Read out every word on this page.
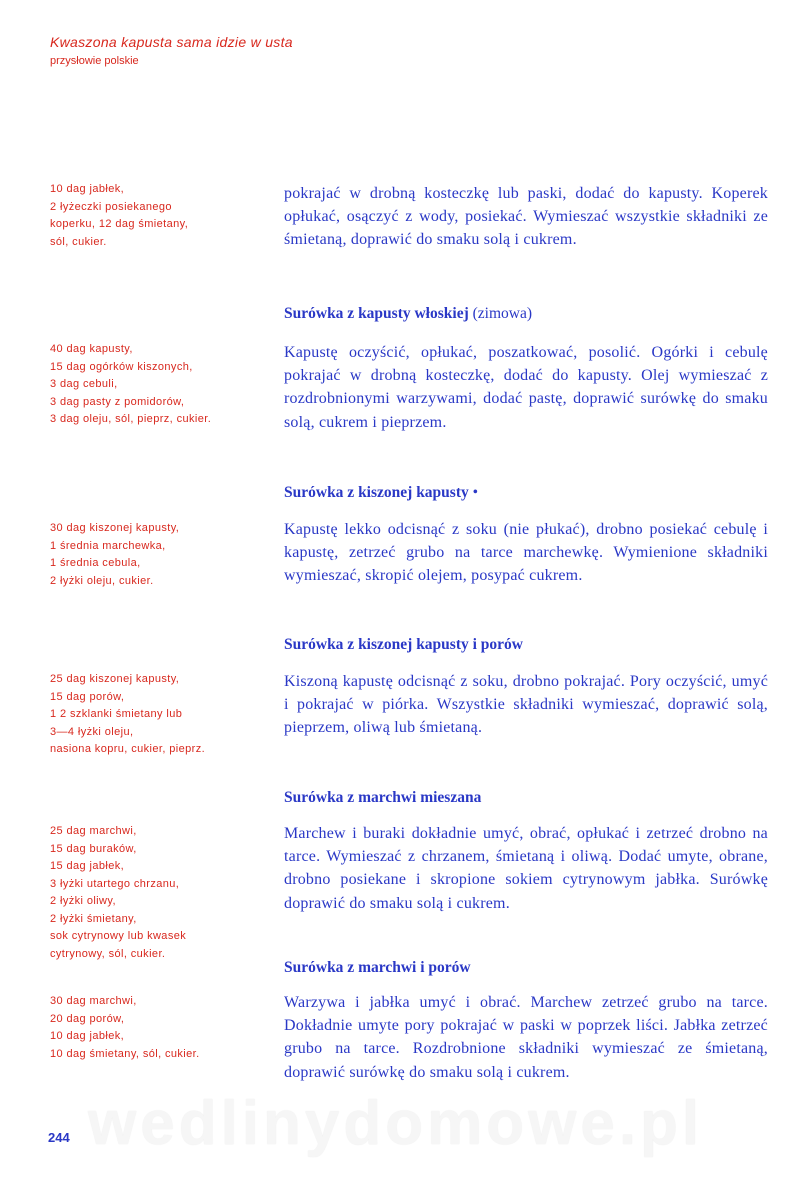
Kwaszona kapusta sama idzie w usta
przysłowie polskie
10 dag jabłek,
2 łyżeczki posiekanego
koperku, 12 dag śmietany,
sól, cukier.
pokrajać w drobną kosteczkę lub paski, dodać do kapusty. Koperek opłukać, osączyć z wody, posiekać. Wymieszać wszystkie składniki ze śmietaną, doprawić do smaku solą i cukrem.
Surówka z kapusty włoskiej (zimowa)
40 dag kapusty,
15 dag ogórków kiszonych,
3 dag cebuli,
3 dag pasty z pomidorów,
3 dag oleju, sól, pieprz, cukier.
Kapustę oczyścić, opłukać, poszatkować, posolić. Ogórki i cebulę pokrajać w drobną kosteczkę, dodać do kapusty. Olej wymieszać z rozdrobnionymi warzywami, dodać pastę, doprawić surówkę do smaku solą, cukrem i pieprzem.
Surówka z kiszonej kapusty •
30 dag kiszonej kapusty,
1 średnia marchewka,
1 średnia cebula,
2 łyżki oleju, cukier.
Kapustę lekko odcisnąć z soku (nie płukać), drobno posiekać cebulę i kapustę, zetrzeć grubo na tarce marchewkę. Wymienione składniki wymieszać, skropić olejem, posypać cukrem.
Surówka z kiszonej kapusty i porów
25 dag kiszonej kapusty,
15 dag porów,
1 2 szklanki śmietany lub
3—4 łyżki oleju,
nasiona kopru, cukier, pieprz.
Kiszoną kapustę odcisnąć z soku, drobno pokrajać. Pory oczyścić, umyć i pokrajać w piórka. Wszystkie składniki wymieszać, doprawić solą, pieprzem, oliwą lub śmietaną.
Surówka z marchwi mieszana
25 dag marchwi,
15 dag buraków,
15 dag jabłek,
3 łyżki utartego chrzanu,
2 łyżki oliwy,
2 łyżki śmietany,
sok cytrynowy lub kwasek
cytrynowy, sól, cukier.
Marchew i buraki dokładnie umyć, obrać, opłukać i zetrzeć drobno na tarce. Wymieszać z chrzanem, śmietaną i oliwą. Dodać umyte, obrane, drobno posiekane i skropione sokiem cytrynowym jabłka. Surówkę doprawić do smaku solą i cukrem.
Surówka z marchwi i porów
30 dag marchwi,
20 dag porów,
10 dag jabłek,
10 dag śmietany, sól, cukier.
Warzywa i jabłka umyć i obrać. Marchew zetrzeć grubo na tarce. Dokładnie umyte pory pokrajać w paski w poprzek liści. Jabłka zetrzeć grubo na tarce. Rozdrobnione składniki wymieszać ze śmietaną, doprawić surówkę do smaku solą i cukrem.
wedlinydomowe.pl
244
